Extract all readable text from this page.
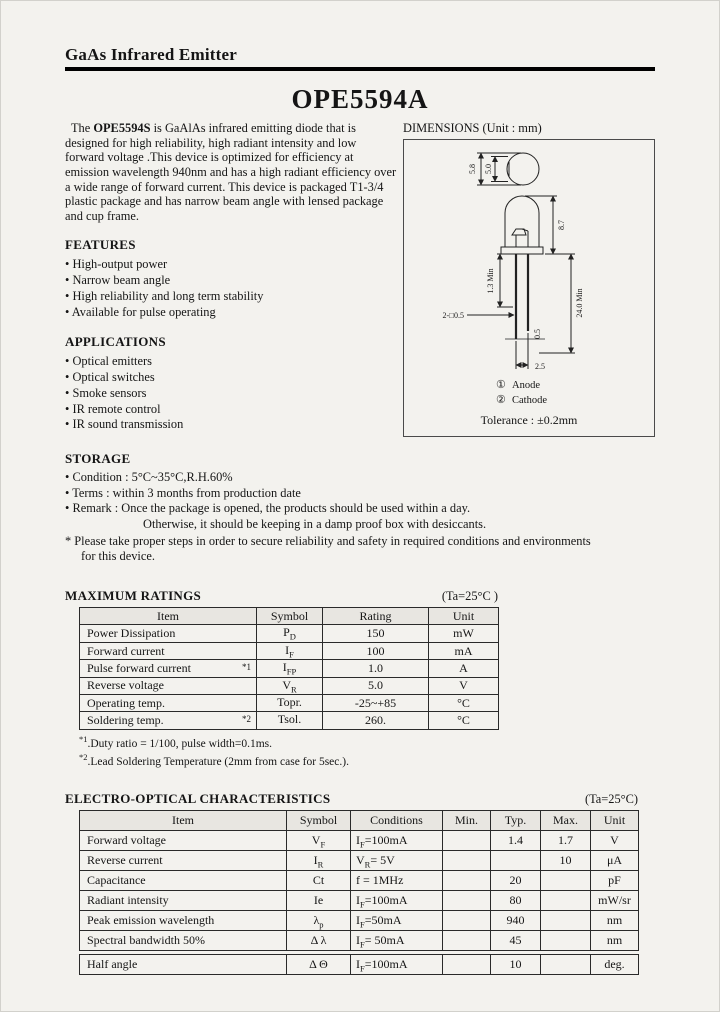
GaAs Infrared Emitter
OPE5594A

The OPE5594S is GaAlAs infrared emitting diode that is designed for high reliability, high radiant intensity and low forward voltage .This device is optimized for efficiency at emission wavelength 940nm and has a high radiant efficiency over a wide range of forward current. This device is packaged T1-3/4 plastic package and has narrow beam angle with lensed package and cup frame.

FEATURES
• High-output power
• Narrow beam angle
• High reliability and long term stability
• Available for pulse operating
APPLICATIONS
• Optical emitters
• Optical switches
• Smoke sensors
• IR remote control
• IR sound transmission
DIMENSIONS (Unit : mm)
5.0
5.8
8.7
24.0 Min
1.3 Min
2-□0.5
0.5
2.5
① Anode
② Cathode
Tolerance : ±0.2mm
STORAGE
• Condition : 5°C~35°C,R.H.60%
• Terms : within 3 months from production date
• Remark : Once the package is opened, the products should be used within a day.
Otherwise, it should be keeping in a damp proof box with desiccants.
* Please take proper steps in order to secure reliability and safety in required conditions and environments
for this device.
MAXIMUM RATINGS	(Ta=25°C )
Item	Symbol	Rating	Unit

Power Dissipation	$P_D$	150	mW

Forward current	$I_F$	100	mA

*1
Pulse forward current	$I_{FP}$	1.0	A

Reverse voltage	$V_R$	5.0	V

Operating temp.	Topr.	-25~+85	°C

*2
Soldering temp.	Tsol.	260.	°C
$^{*1}$.Duty ratio = 1/100, pulse width=0.1ms.
$^{*2}$.Lead Soldering Temperature (2mm from case for 5sec.).
ELECTRO-OPTICAL CHARACTERISTICS	(Ta=25°C)
Item	Symbol	Conditions	Min.	Typ.	Max.	Unit
Forward voltage	$V_F$	$I_F=100mA$		1.4	1.7	V
Reverse current	$I_R$	$V_R= 5V$			10	μA
Capacitance	Ct	f = 1MHz		20		pF
Radiant intensity	Ie	$I_F=100mA$		80		mW/sr
Peak emission wavelength	$\lambda_p$	$I_F=50mA$		940		nm
Spectral bandwidth 50%	Δ λ	$I_F= 50mA$		45		nm
Half angle	Δ Θ	$I_F=100mA$		10		deg.
